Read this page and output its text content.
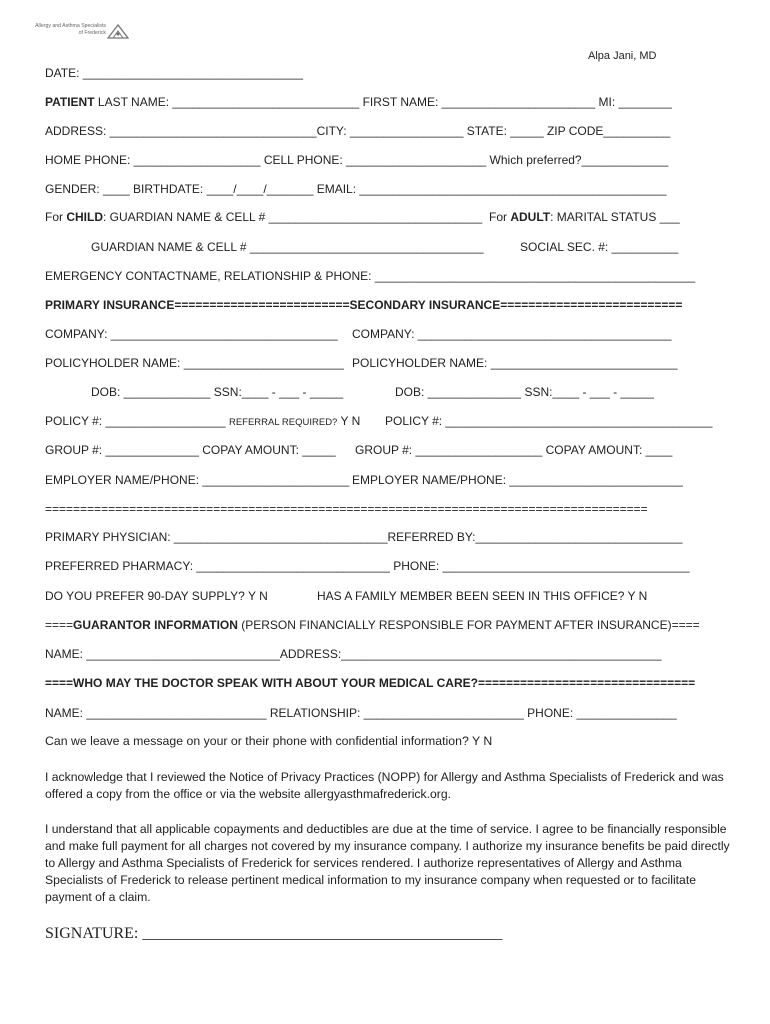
Allergy and Asthma Specialists
of Frederick
Alpa Jani, MD
DATE: _________________________________
PATIENT LAST NAME: ____________________________ FIRST NAME: _______________________ MI: ________
ADDRESS: _______________________________CITY: _________________ STATE: _____ ZIP CODE__________
HOME PHONE: ___________________ CELL PHONE: _____________________ Which preferred?_____________
GENDER: ____ BIRTHDATE: ____/____/_______ EMAIL: ______________________________________________
For CHILD: GUARDIAN NAME & CELL # ________________________________ For ADULT: MARITAL STATUS ___
GUARDIAN NAME & CELL # ___________________________________	SOCIAL SEC. #: __________
EMERGENCY CONTACTNAME, RELATIONSHIP & PHONE: ________________________________________________
PRIMARY INSURANCE=========================SECONDARY INSURANCE==========================
COMPANY: __________________________________ COMPANY: ______________________________________
POLICYHOLDER NAME: ________________________ POLICYHOLDER NAME: ____________________________
DOB: _____________ SSN:____ - ___ - _____	DOB: ______________ SSN:____ - ___ - _____
POLICY #: __________________ REFERRAL REQUIRED? Y N POLICY #: ________________________________________
GROUP #: ______________ COPAY AMOUNT: _____ GROUP #: ___________________ COPAY AMOUNT: ____
EMPLOYER NAME/PHONE: ______________________ EMPLOYER NAME/PHONE: __________________________
======================================================================================
PRIMARY PHYSICIAN: ________________________________REFERRED BY:_______________________________
PREFERRED PHARMACY: _____________________________ PHONE: _____________________________________
DO YOU PREFER 90-DAY SUPPLY? Y N	HAS A FAMILY MEMBER BEEN SEEN IN THIS OFFICE? Y N
====GUARANTOR INFORMATION (PERSON FINANCIALLY RESPONSIBLE FOR PAYMENT AFTER INSURANCE)====
NAME: _____________________________ADDRESS:________________________________________________
====WHO MAY THE DOCTOR SPEAK WITH ABOUT YOUR MEDICAL CARE?===============================
NAME: ___________________________ RELATIONSHIP: ________________________ PHONE: _______________
Can we leave a message on your or their phone with confidential information? Y N
I acknowledge that I reviewed the Notice of Privacy Practices (NOPP) for Allergy and Asthma Specialists of Frederick and was offered a copy from the office or via the website allergyasthmafrederick.org.
I understand that all applicable copayments and deductibles are due at the time of service. I agree to be financially responsible and make full payment for all charges not covered by my insurance company. I authorize my insurance benefits be paid directly to Allergy and Asthma Specialists of Frederick for services rendered. I authorize representatives of Allergy and Asthma Specialists of Frederick to release pertinent medical information to my insurance company when requested or to facilitate payment of a claim.
SIGNATURE: _____________________________________________
